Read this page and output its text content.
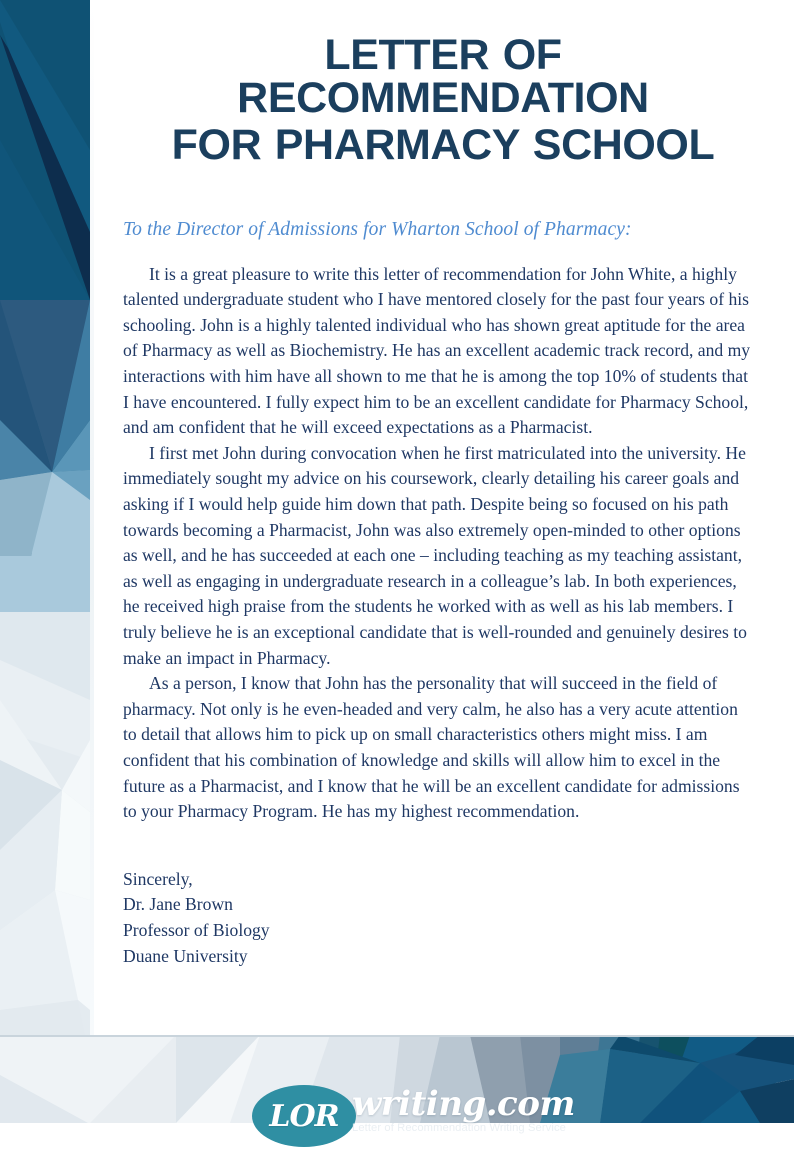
LETTER OF RECOMMENDATION
FOR PHARMACY SCHOOL
To the Director of Admissions for Wharton School of Pharmacy:

It is a great pleasure to write this letter of recommendation for John White, a highly talented undergraduate student who I have mentored closely for the past four years of his schooling. John is a highly talented individual who has shown great aptitude for the area of Pharmacy as well as Biochemistry. He has an excellent academic track record, and my interactions with him have all shown to me that he is among the top 10% of students that I have encountered. I fully expect him to be an excellent candidate for Pharmacy School, and am confident that he will exceed expectations as a Pharmacist.

I first met John during convocation when he first matriculated into the university. He immediately sought my advice on his coursework, clearly detailing his career goals and asking if I would help guide him down that path. Despite being so focused on his path towards becoming a Pharmacist, John was also extremely open-minded to other options as well, and he has succeeded at each one – including teaching as my teaching assistant, as well as engaging in undergraduate research in a colleague’s lab. In both experiences, he received high praise from the students he worked with as well as his lab members. I truly believe he is an exceptional candidate that is well-rounded and genuinely desires to make an impact in Pharmacy.

As a person, I know that John has the personality that will succeed in the field of pharmacy. Not only is he even-headed and very calm, he also has a very acute attention to detail that allows him to pick up on small characteristics others might miss. I am confident that his combination of knowledge and skills will allow him to excel in the future as a Pharmacist, and I know that he will be an excellent candidate for admissions to your Pharmacy Program. He has my highest recommendation.

Sincerely,
Dr. Jane Brown
Professor of Biology
Duane University
LOR writing.com
Letter of Recommendation Writing Service
